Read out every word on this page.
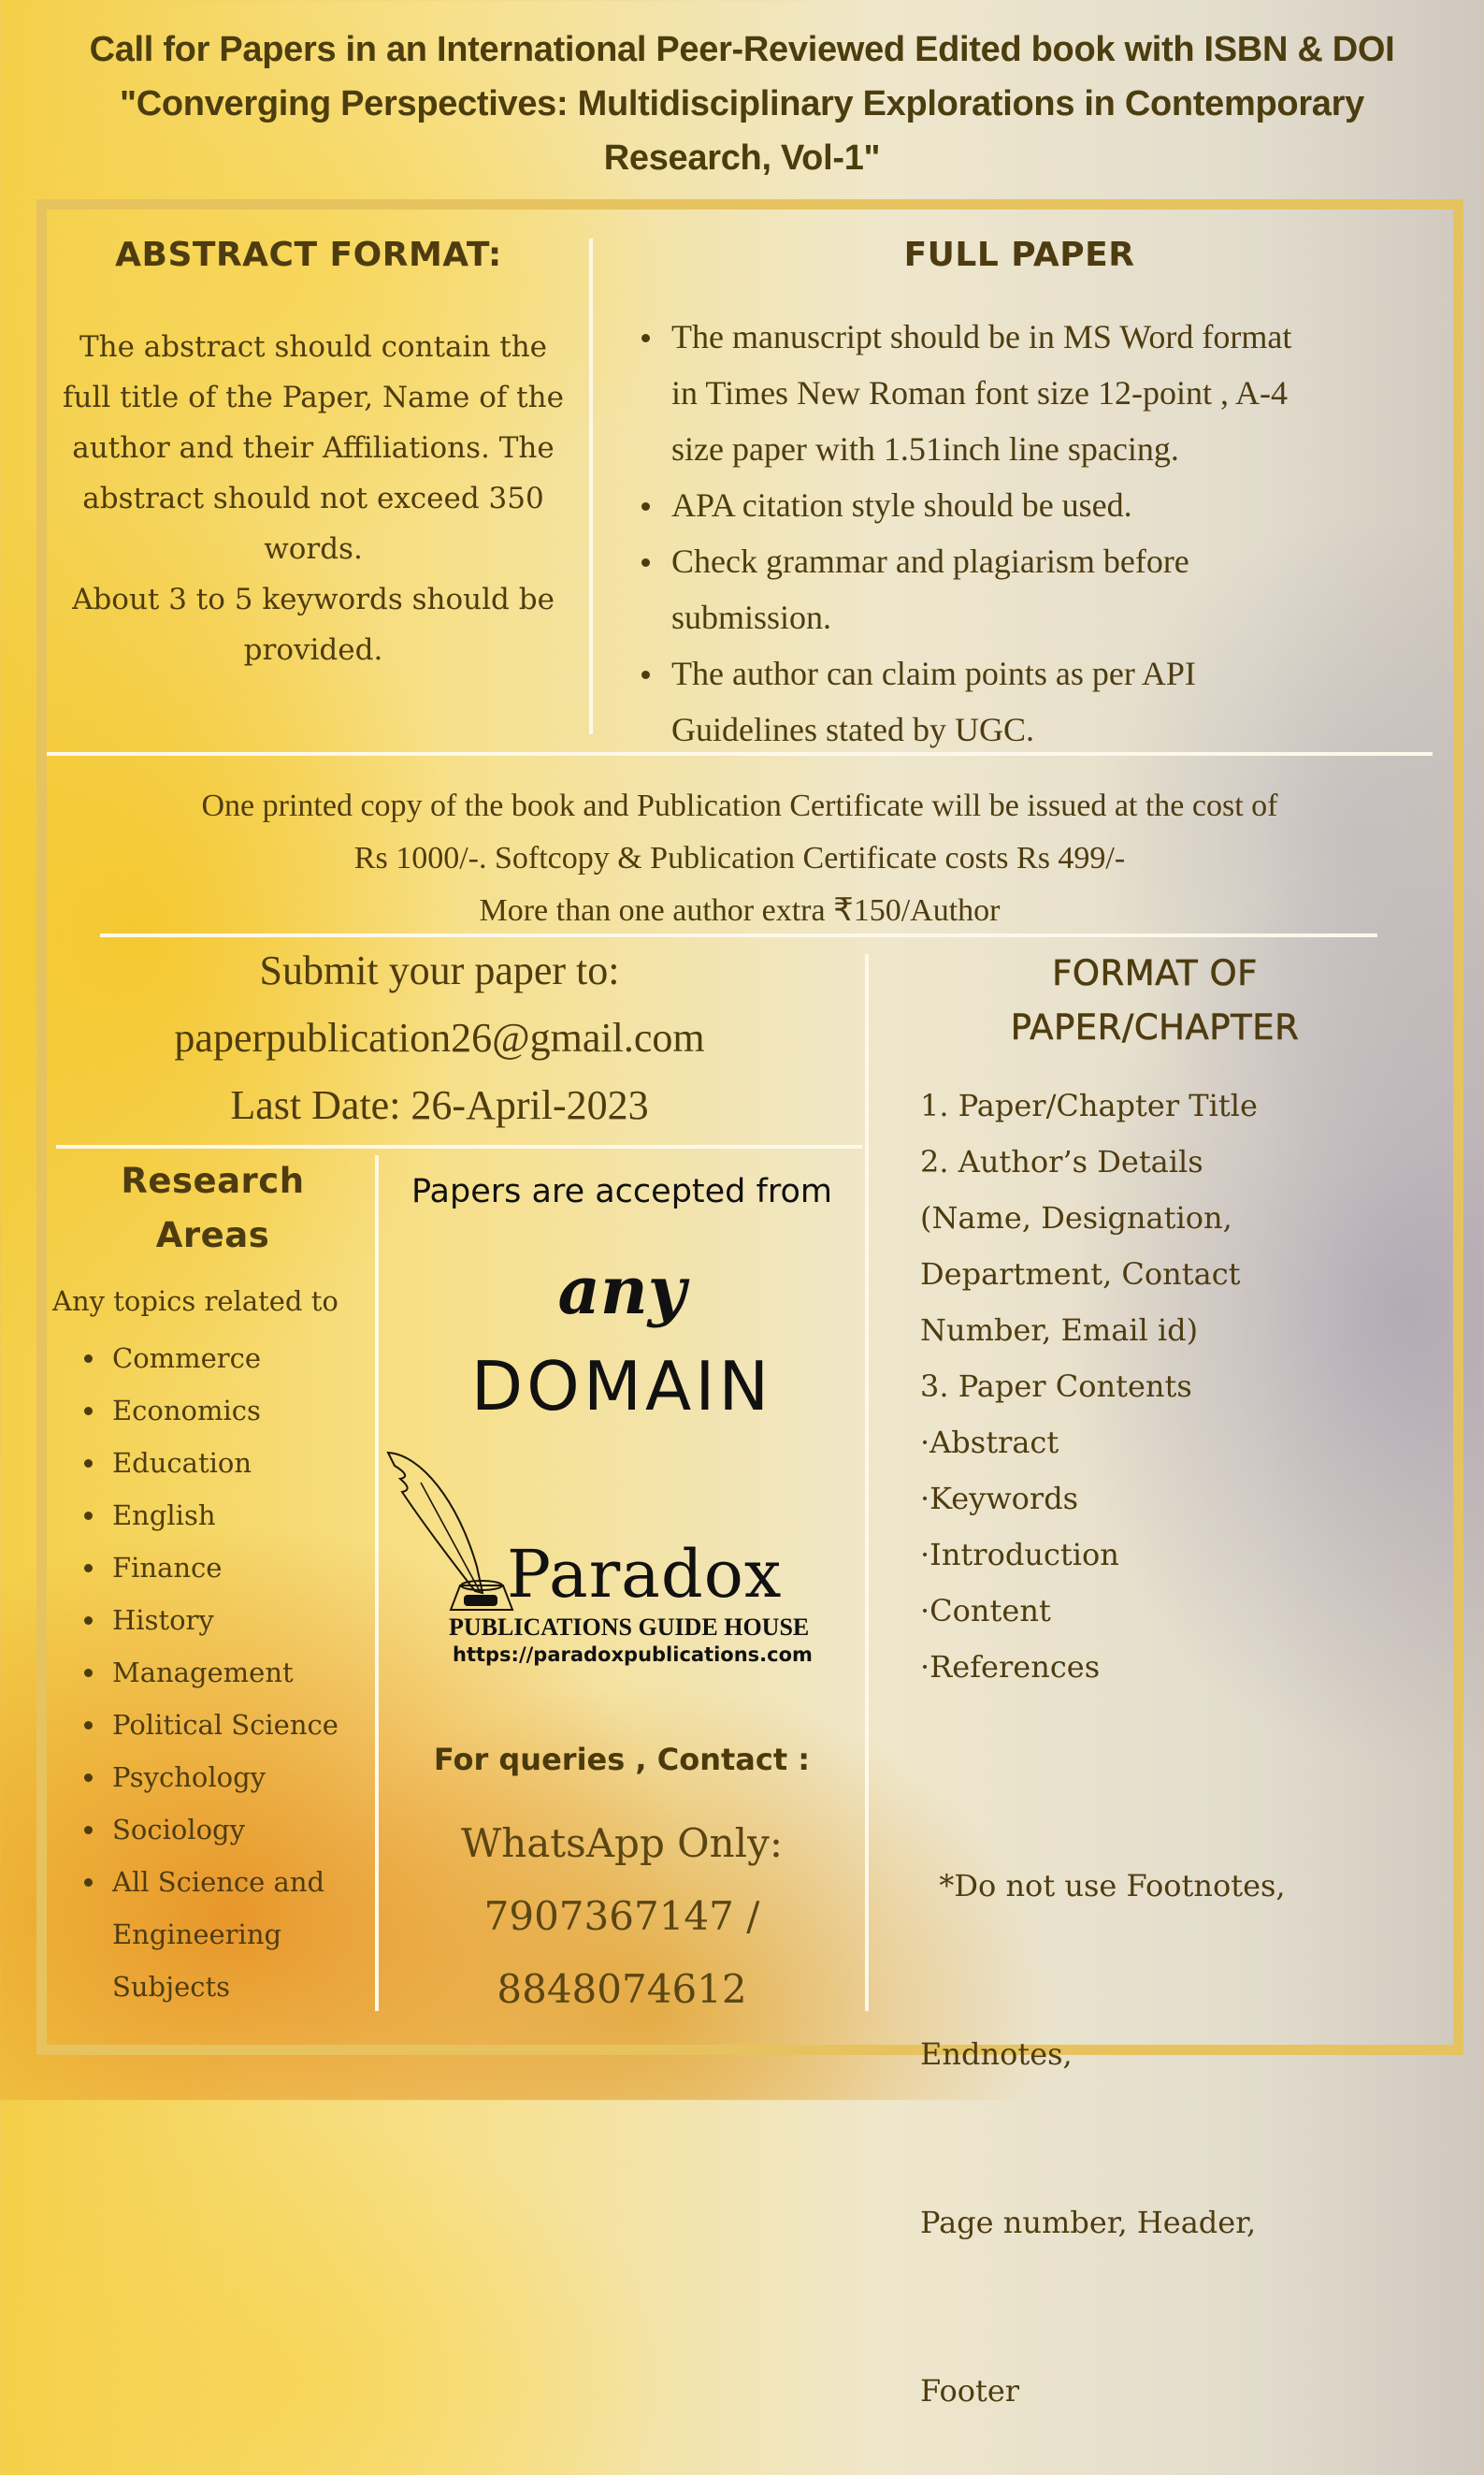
Call for Papers in an International Peer-Reviewed Edited book with ISBN & DOI
"Converging Perspectives: Multidisciplinary Explorations in Contemporary
Research, Vol-1"
ABSTRACT FORMAT:
The abstract should contain the
full title of the Paper, Name of the
author and their Affiliations. The
abstract should not exceed 350
words.
About 3 to 5 keywords should be
provided.
FULL PAPER
The manuscript should be in MS Word format
in Times New Roman font size 12-point , A-4
size paper with 1.51inch line spacing.
APA citation style should be used.
Check grammar and plagiarism before
submission.
The author can claim points as per API
Guidelines stated by UGC.
One printed copy of the book and Publication Certificate will be issued at the cost of
Rs 1000/-. Softcopy & Publication Certificate costs Rs 499/-
More than one author extra ₹150/Author
Submit your paper to:
paperpublication26@gmail.com
Last Date: 26-April-2023
Research
Areas
Any topics related to
Commerce
Economics
Education
English
Finance
History
Management
Political Science
Psychology
Sociology
All Science and
Engineering
Subjects
Papers are accepted from
any
DOMAIN
Paradox
PUBLICATIONS GUIDE HOUSE
https://paradoxpublications.com
For queries , Contact :
WhatsApp Only:
7907367147 /
8848074612
FORMAT OF
PAPER/CHAPTER
1. Paper/Chapter Title
2. Author’s Details
(Name, Designation,
Department, Contact
Number, Email id)
3. Paper Contents
·Abstract
·Keywords
·Introduction
·Content
·References

*Do not use Footnotes,

Endnotes,

Page number, Header,

Footer
